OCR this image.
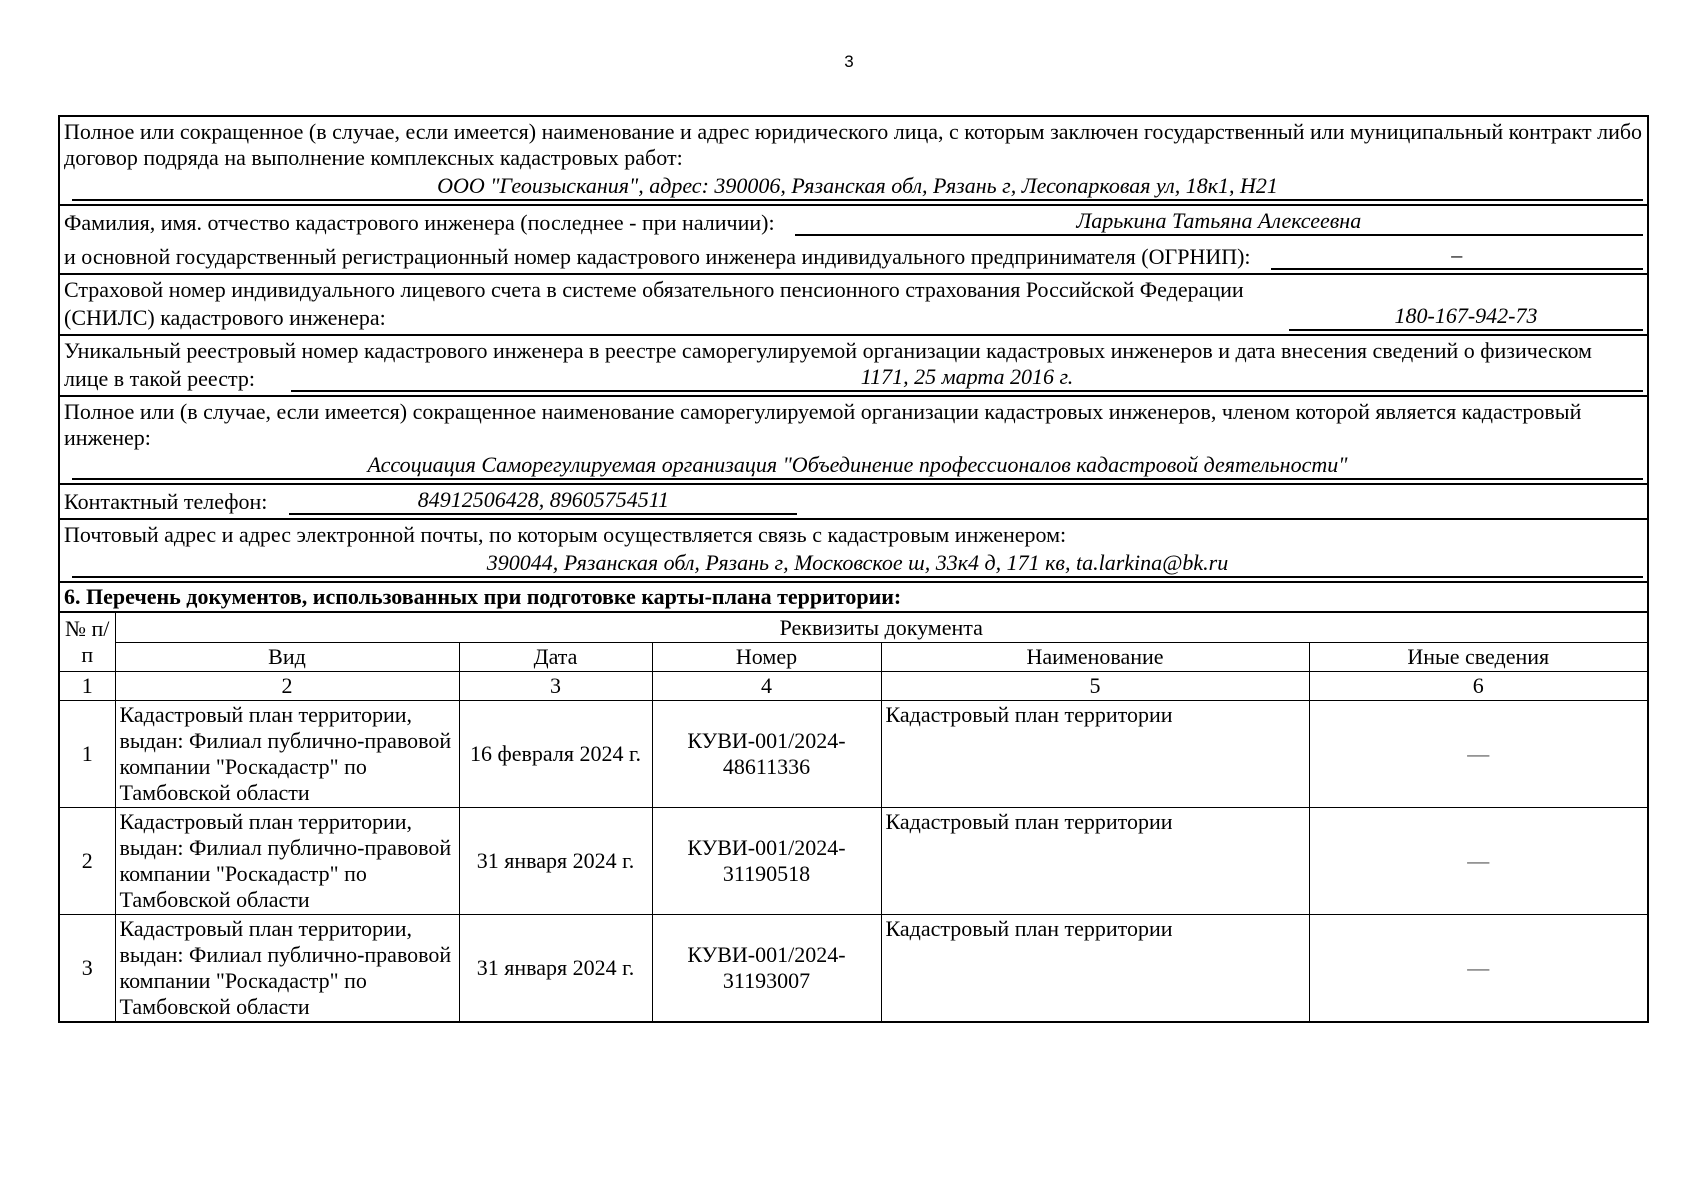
3
Полное или сокращенное (в случае, если имеется) наименование и адрес юридического лица, с которым заключен государственный или муниципальный контракт либо договор подряда на выполнение комплексных кадастровых работ:
ООО "Геоизыскания", адрес: 390006, Рязанская обл, Рязань г, Лесопарковая ул, 18к1, Н21
Фамилия, имя. отчество кадастрового инженера (последнее - при наличии):	Ларькина Татьяна Алексеевна
и основной государственный регистрационный номер кадастрового инженера индивидуального предпринимателя (ОГРНИП):	–
Страховой номер индивидуального лицевого счета в системе обязательного пенсионного страхования Российской Федерации
(СНИЛС) кадастрового инженера:	180-167-942-73
Уникальный реестровый номер кадастрового инженера в реестре саморегулируемой организации кадастровых инженеров и дата внесения сведений о физическом
лице в такой реестр:	1171, 25 марта 2016 г.
Полное или (в случае, если имеется) сокращенное наименование саморегулируемой организации кадастровых инженеров, членом которой является кадастровый инженер:
Ассоциация Саморегулируемая организация "Объединение профессионалов кадастровой деятельности"
Контактный телефон:	84912506428, 89605754511
Почтовый адрес и адрес электронной почты, по которым осуществляется связь с кадастровым инженером:
390044, Рязанская обл, Рязань г, Московское ш, 33к4 д, 171 кв, ta.larkina@bk.ru
6. Перечень документов, использованных при подготовке карты-плана территории:
№ п/п	Реквизиты документа				
	Вид	Дата	Номер	Наименование	Иные сведения
1	2	3	4	5	6
1	Кадастровый план территории, выдан: Филиал публично-правовой компании "Роскадастр" по Тамбовской области	16 февраля 2024 г.	КУВИ-001/2024-48611336	Кадастровый план территории	—
2	Кадастровый план территории, выдан: Филиал публично-правовой компании "Роскадастр" по Тамбовской области	31 января 2024 г.	КУВИ-001/2024-31190518	Кадастровый план территории	—
3	Кадастровый план территории, выдан: Филиал публично-правовой компании "Роскадастр" по Тамбовской области	31 января 2024 г.	КУВИ-001/2024-31193007	Кадастровый план территории	—
